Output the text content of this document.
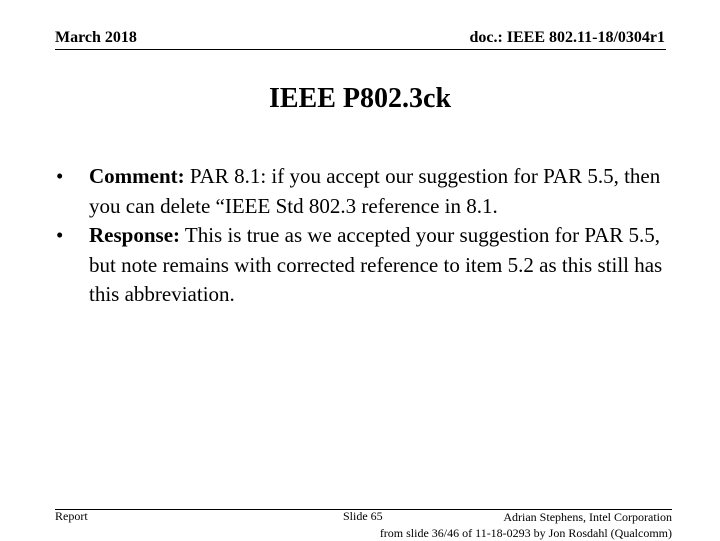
March 2018	doc.: IEEE 802.11-18/0304r1
IEEE P802.3ck
• Comment: PAR 8.1: if you accept our suggestion for PAR 5.5, then you can delete “IEEE Std 802.3 reference in 8.1.
• Response: This is true as we accepted your suggestion for PAR 5.5, but note remains with corrected reference to item 5.2 as this still has this abbreviation.
Report	Slide 65	Adrian Stephens, Intel Corporation
from slide 36/46 of 11-18-0293 by Jon Rosdahl (Qualcomm)
